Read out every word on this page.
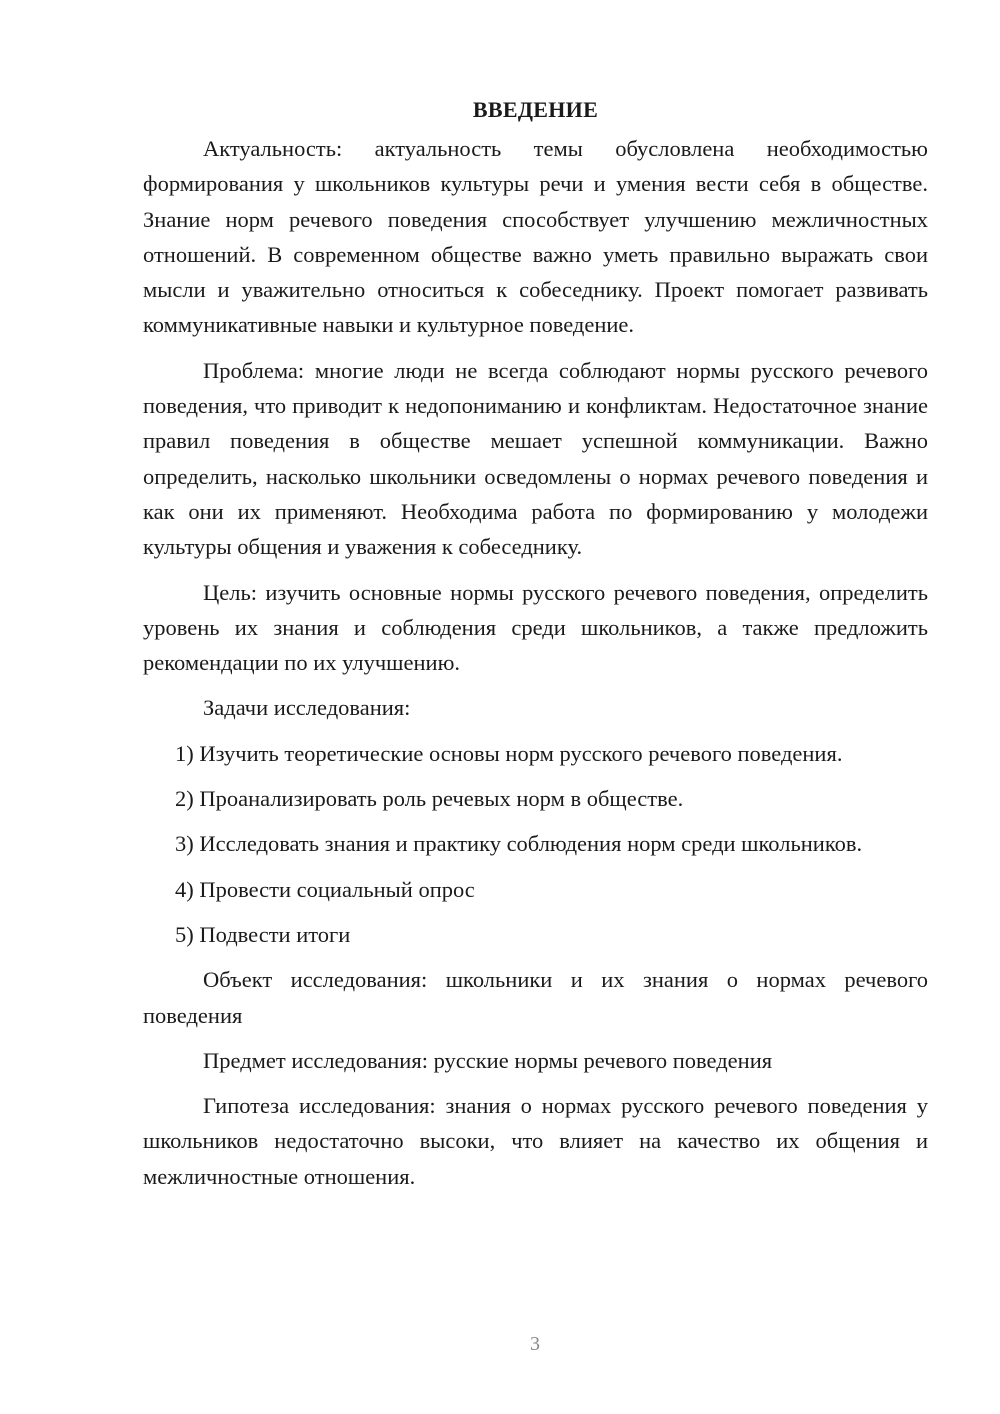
ВВЕДЕНИЕ

Актуальность: актуальность темы обусловлена необходимостью формирования у школьников культуры речи и умения вести себя в обществе. Знание норм речевого поведения способствует улучшению межличностных отношений. В современном обществе важно уметь правильно выражать свои мысли и уважительно относиться к собеседнику. Проект помогает развивать коммуникативные навыки и культурное поведение.

Проблема: многие люди не всегда соблюдают нормы русского речевого поведения, что приводит к недопониманию и конфликтам. Недостаточное знание правил поведения в обществе мешает успешной коммуникации. Важно определить, насколько школьники осведомлены о нормах речевого поведения и как они их применяют. Необходима работа по формированию у молодежи культуры общения и уважения к собеседнику.

Цель: изучить основные нормы русского речевого поведения, определить уровень их знания и соблюдения среди школьников, а также предложить рекомендации по их улучшению.

Задачи исследования:

1) Изучить теоретические основы норм русского речевого поведения.

2) Проанализировать роль речевых норм в обществе.

3) Исследовать знания и практику соблюдения норм среди школьников.

4) Провести социальный опрос

5) Подвести итоги

Объект исследования: школьники и их знания о нормах речевого поведения

Предмет исследования: русские нормы речевого поведения

Гипотеза исследования: знания о нормах русского речевого поведения у школьников недостаточно высоки, что влияет на качество их общения и межличностные отношения.

3
